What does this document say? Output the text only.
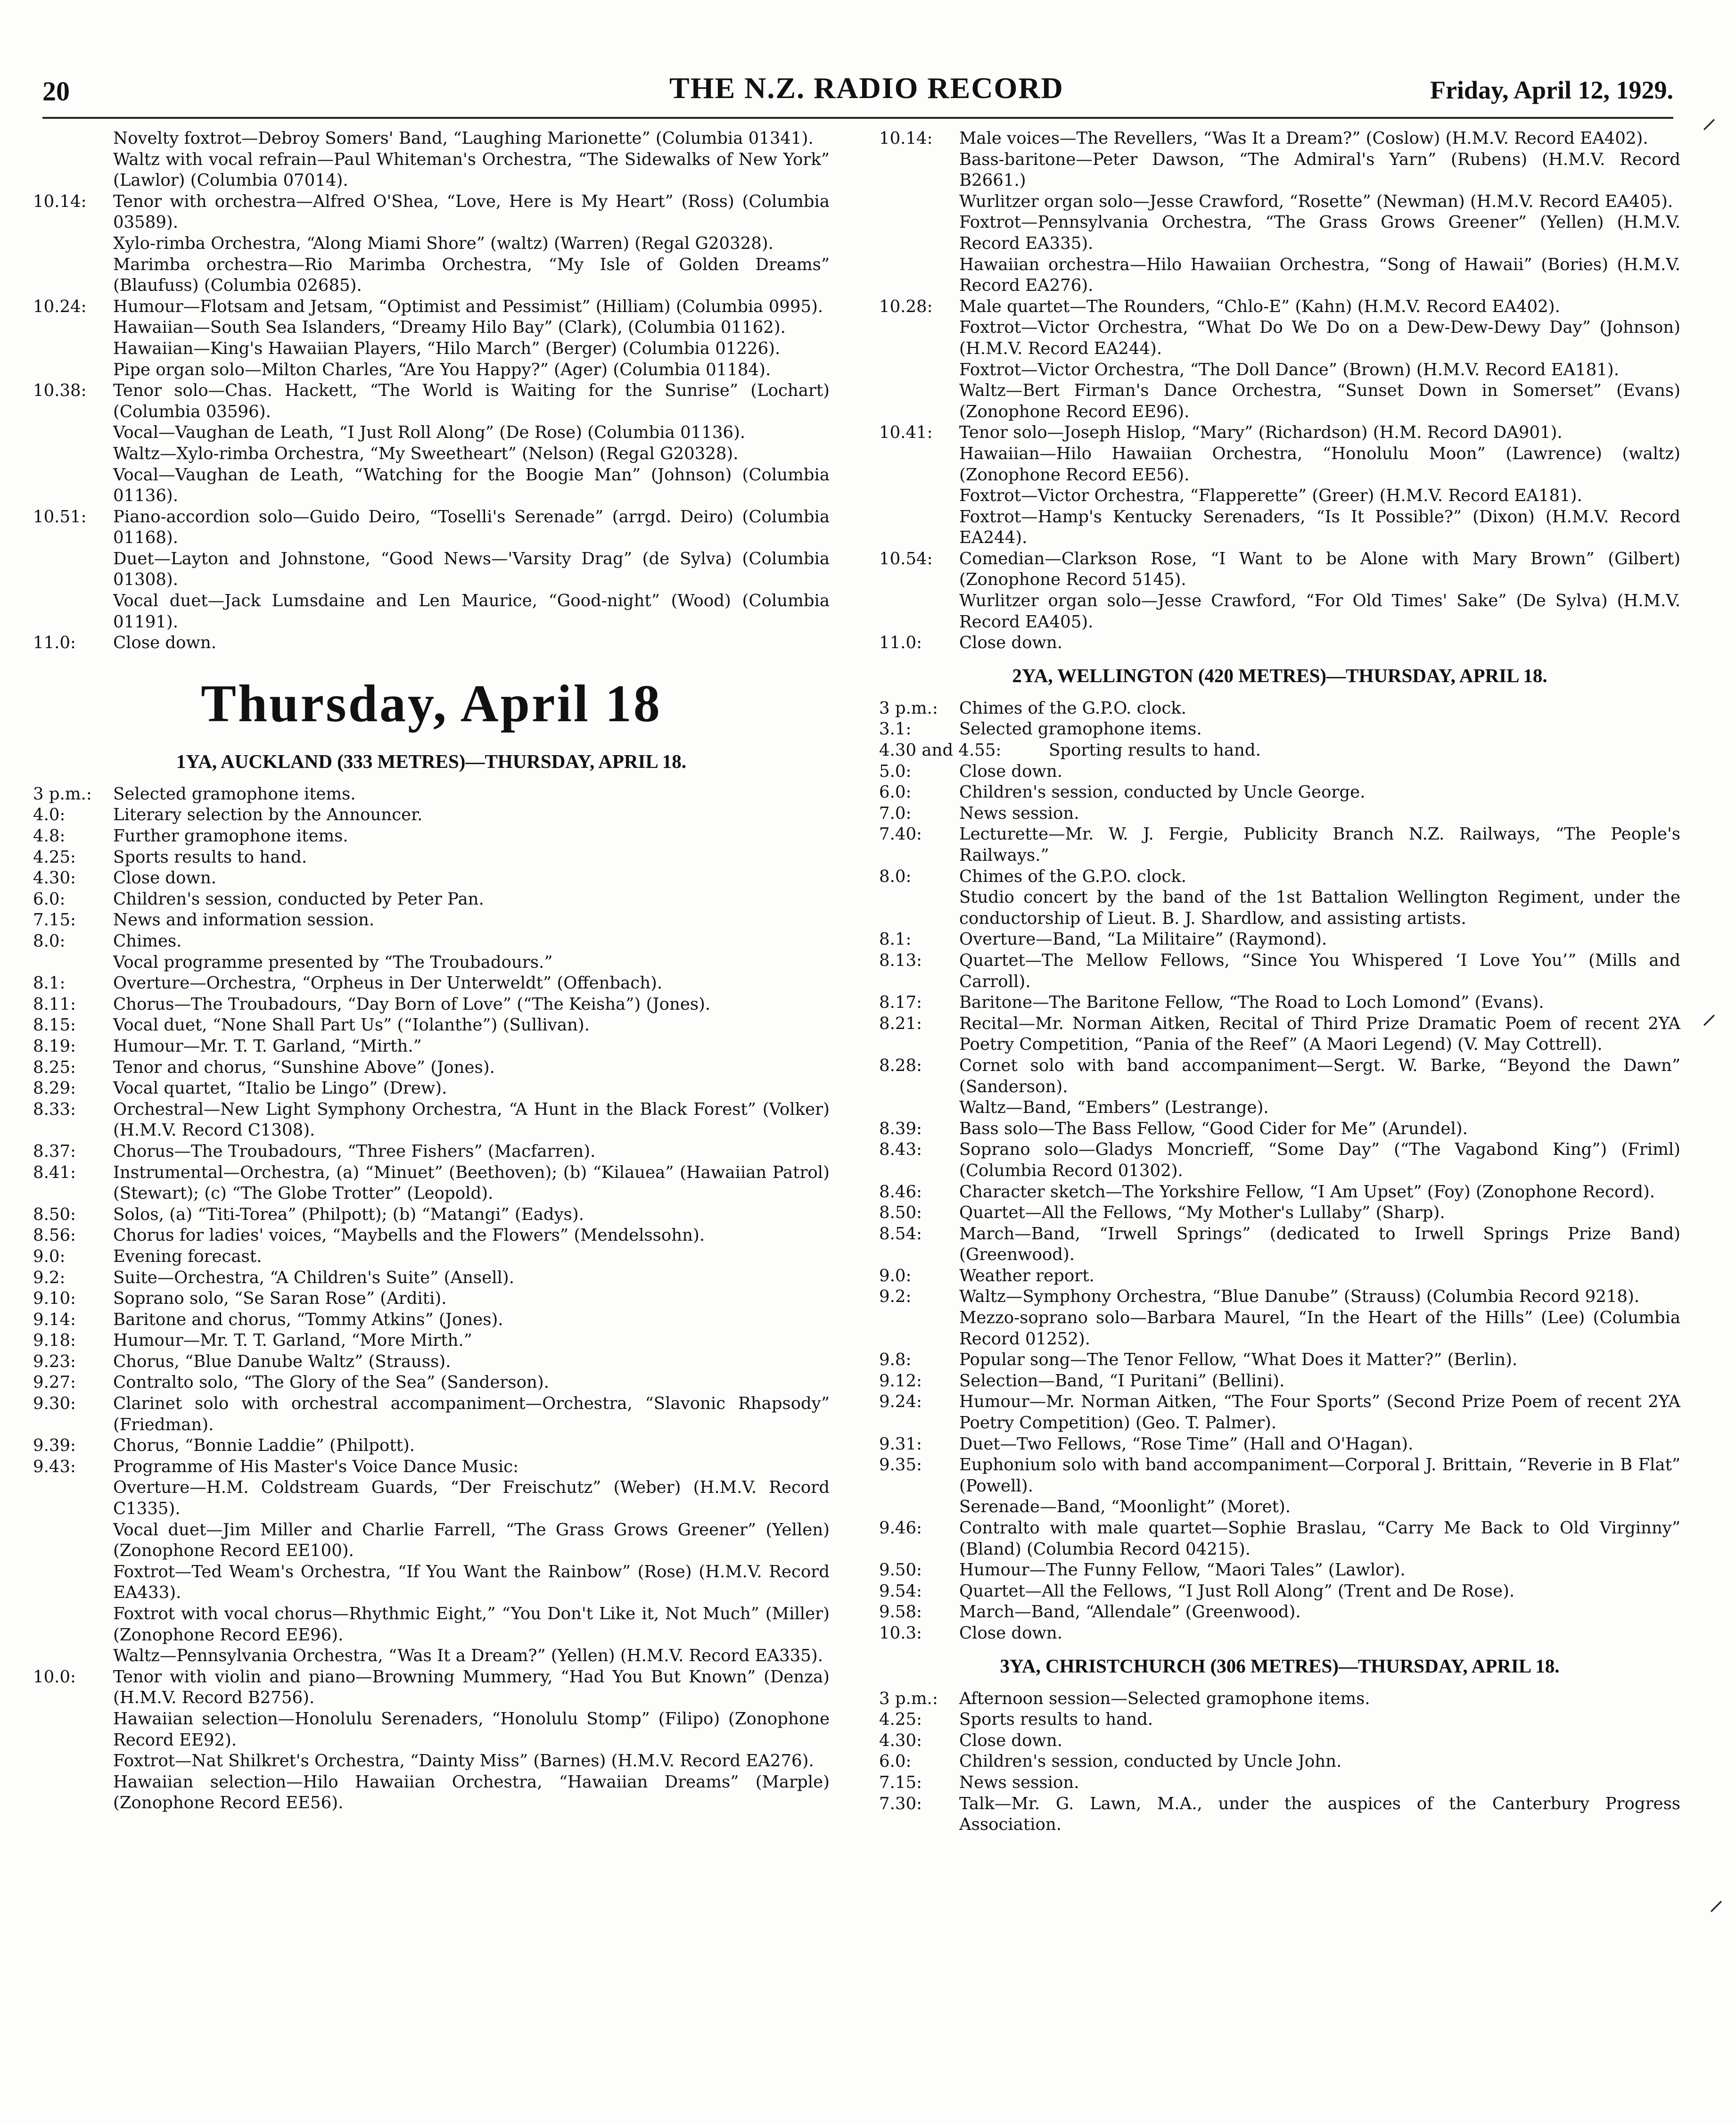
20	THE N.Z. RADIO RECORD	Friday, April 12, 1929.
Novelty foxtrot—Debroy Somers' Band, “Laughing Marionette” (Columbia 01341).
Waltz with vocal refrain—Paul Whiteman's Orchestra, “The Sidewalks of New York” (Lawlor) (Columbia 07014).
10.14:	Tenor with orchestra—Alfred O'Shea, “Love, Here is My Heart” (Ross) (Columbia 03589).
Xylo-rimba Orchestra, “Along Miami Shore” (waltz) (Warren) (Regal G20328).
Marimba orchestra—Rio Marimba Orchestra, “My Isle of Golden Dreams” (Blaufuss) (Columbia 02685).
10.24:	Humour—Flotsam and Jetsam, “Optimist and Pessimist” (Hilliam) (Columbia 0995).
Hawaiian—South Sea Islanders, “Dreamy Hilo Bay” (Clark), (Columbia 01162).
Hawaiian—King's Hawaiian Players, “Hilo March” (Berger) (Columbia 01226).
Pipe organ solo—Milton Charles, “Are You Happy?” (Ager) (Columbia 01184).
10.38:	Tenor solo—Chas. Hackett, “The World is Waiting for the Sunrise” (Lochart) (Columbia 03596).
Vocal—Vaughan de Leath, “I Just Roll Along” (De Rose) (Columbia 01136).
Waltz—Xylo-rimba Orchestra, “My Sweetheart” (Nelson) (Regal G20328).
Vocal—Vaughan de Leath, “Watching for the Boogie Man” (Johnson) (Columbia 01136).
10.51:	Piano-accordion solo—Guido Deiro, “Toselli's Serenade” (arrgd. Deiro) (Columbia 01168).
Duet—Layton and Johnstone, “Good News—'Varsity Drag” (de Sylva) (Columbia 01308).
Vocal duet—Jack Lumsdaine and Len Maurice, “Good-night” (Wood) (Columbia 01191).
11.0:	Close down.
Thursday, April 18
1YA, AUCKLAND (333 METRES)—THURSDAY, APRIL 18.
3 p.m.:	Selected gramophone items.
4.0:	Literary selection by the Announcer.
4.8:	Further gramophone items.
4.25:	Sports results to hand.
4.30:	Close down.
6.0:	Children's session, conducted by Peter Pan.
7.15:	News and information session.
8.0:	Chimes.
Vocal programme presented by “The Troubadours.”
8.1:	Overture—Orchestra, “Orpheus in Der Unterweldt” (Offenbach).
8.11:	Chorus—The Troubadours, “Day Born of Love” (“The Keisha”) (Jones).
8.15:	Vocal duet, “None Shall Part Us” (“Iolanthe”) (Sullivan).
8.19:	Humour—Mr. T. T. Garland, “Mirth.”
8.25:	Tenor and chorus, “Sunshine Above” (Jones).
8.29:	Vocal quartet, “Italio be Lingo” (Drew).
8.33:	Orchestral—New Light Symphony Orchestra, “A Hunt in the Black Forest” (Volker) (H.M.V. Record C1308).
8.37:	Chorus—The Troubadours, “Three Fishers” (Macfarren).
8.41:	Instrumental—Orchestra, (a) “Minuet” (Beethoven); (b) “Kilauea” (Hawaiian Patrol) (Stewart); (c) “The Globe Trotter” (Leopold).
8.50:	Solos, (a) “Titi-Torea” (Philpott); (b) “Matangi” (Eadys).
8.56:	Chorus for ladies' voices, “Maybells and the Flowers” (Mendelssohn).
9.0:	Evening forecast.
9.2:	Suite—Orchestra, “A Children's Suite” (Ansell).
9.10:	Soprano solo, “Se Saran Rose” (Arditi).
9.14:	Baritone and chorus, “Tommy Atkins” (Jones).
9.18:	Humour—Mr. T. T. Garland, “More Mirth.”
9.23:	Chorus, “Blue Danube Waltz” (Strauss).
9.27:	Contralto solo, “The Glory of the Sea” (Sanderson).
9.30:	Clarinet solo with orchestral accompaniment—Orchestra, “Slavonic Rhapsody” (Friedman).
9.39:	Chorus, “Bonnie Laddie” (Philpott).
9.43:	Programme of His Master's Voice Dance Music:
Overture—H.M. Coldstream Guards, “Der Freischutz” (Weber) (H.M.V. Record C1335).
Vocal duet—Jim Miller and Charlie Farrell, “The Grass Grows Greener” (Yellen) (Zonophone Record EE100).
Foxtrot—Ted Weam's Orchestra, “If You Want the Rainbow” (Rose) (H.M.V. Record EA433).
Foxtrot with vocal chorus—Rhythmic Eight,” “You Don't Like it, Not Much” (Miller) (Zonophone Record EE96).
Waltz—Pennsylvania Orchestra, “Was It a Dream?” (Yellen) (H.M.V. Record EA335).
10.0:	Tenor with violin and piano—Browning Mummery, “Had You But Known” (Denza) (H.M.V. Record B2756).
Hawaiian selection—Honolulu Serenaders, “Honolulu Stomp” (Filipo) (Zonophone Record EE92).
Foxtrot—Nat Shilkret's Orchestra, “Dainty Miss” (Barnes) (H.M.V. Record EA276).
Hawaiian selection—Hilo Hawaiian Orchestra, “Hawaiian Dreams” (Marple) (Zonophone Record EE56).
10.14:	Male voices—The Revellers, “Was It a Dream?” (Coslow) (H.M.V. Record EA402).
Bass-baritone—Peter Dawson, “The Admiral's Yarn” (Rubens) (H.M.V. Record B2661.)
Wurlitzer organ solo—Jesse Crawford, “Rosette” (Newman) (H.M.V. Record EA405).
Foxtrot—Pennsylvania Orchestra, “The Grass Grows Greener” (Yellen) (H.M.V. Record EA335).
Hawaiian orchestra—Hilo Hawaiian Orchestra, “Song of Hawaii” (Bories) (H.M.V. Record EA276).
10.28:	Male quartet—The Rounders, “Chlo-E” (Kahn) (H.M.V. Record EA402).
Foxtrot—Victor Orchestra, “What Do We Do on a Dew-Dew-Dewy Day” (Johnson) (H.M.V. Record EA244).
Foxtrot—Victor Orchestra, “The Doll Dance” (Brown) (H.M.V. Record EA181).
Waltz—Bert Firman's Dance Orchestra, “Sunset Down in Somerset” (Evans) (Zonophone Record EE96).
10.41:	Tenor solo—Joseph Hislop, “Mary” (Richardson) (H.M. Record DA901).
Hawaiian—Hilo Hawaiian Orchestra, “Honolulu Moon” (Lawrence) (waltz) (Zonophone Record EE56).
Foxtrot—Victor Orchestra, “Flapperette” (Greer) (H.M.V. Record EA181).
Foxtrot—Hamp's Kentucky Serenaders, “Is It Possible?” (Dixon) (H.M.V. Record EA244).
10.54:	Comedian—Clarkson Rose, “I Want to be Alone with Mary Brown” (Gilbert) (Zonophone Record 5145).
Wurlitzer organ solo—Jesse Crawford, “For Old Times' Sake” (De Sylva) (H.M.V. Record EA405).
11.0:	Close down.
2YA, WELLINGTON (420 METRES)—THURSDAY, APRIL 18.
3 p.m.:	Chimes of the G.P.O. clock.
3.1:	Selected gramophone items.
4.30 and 4.55:	Sporting results to hand.
5.0:	Close down.
6.0:	Children's session, conducted by Uncle George.
7.0:	News session.
7.40:	Lecturette—Mr. W. J. Fergie, Publicity Branch N.Z. Railways, “The People's Railways.”
8.0:	Chimes of the G.P.O. clock.
Studio concert by the band of the 1st Battalion Wellington Regiment, under the conductorship of Lieut. B. J. Shardlow, and assisting artists.
8.1:	Overture—Band, “La Militaire” (Raymond).
8.13:	Quartet—The Mellow Fellows, “Since You Whispered ‘I Love You’” (Mills and Carroll).
8.17:	Baritone—The Baritone Fellow, “The Road to Loch Lomond” (Evans).
8.21:	Recital—Mr. Norman Aitken, Recital of Third Prize Dramatic Poem of recent 2YA Poetry Competition, “Pania of the Reef” (A Maori Legend) (V. May Cottrell).
8.28:	Cornet solo with band accompaniment—Sergt. W. Barke, “Beyond the Dawn” (Sanderson).
Waltz—Band, “Embers” (Lestrange).
8.39:	Bass solo—The Bass Fellow, “Good Cider for Me” (Arundel).
8.43:	Soprano solo—Gladys Moncrieff, “Some Day” (“The Vagabond King”) (Friml) (Columbia Record 01302).
8.46:	Character sketch—The Yorkshire Fellow, “I Am Upset” (Foy) (Zonophone Record).
8.50:	Quartet—All the Fellows, “My Mother's Lullaby” (Sharp).
8.54:	March—Band, “Irwell Springs” (dedicated to Irwell Springs Prize Band) (Greenwood).
9.0:	Weather report.
9.2:	Waltz—Symphony Orchestra, “Blue Danube” (Strauss) (Columbia Record 9218).
Mezzo-soprano solo—Barbara Maurel, “In the Heart of the Hills” (Lee) (Columbia Record 01252).
9.8:	Popular song—The Tenor Fellow, “What Does it Matter?” (Berlin).
9.12:	Selection—Band, “I Puritani” (Bellini).
9.24:	Humour—Mr. Norman Aitken, “The Four Sports” (Second Prize Poem of recent 2YA Poetry Competition) (Geo. T. Palmer).
9.31:	Duet—Two Fellows, “Rose Time” (Hall and O'Hagan).
9.35:	Euphonium solo with band accompaniment—Corporal J. Brittain, “Reverie in B Flat” (Powell).
Serenade—Band, “Moonlight” (Moret).
9.46:	Contralto with male quartet—Sophie Braslau, “Carry Me Back to Old Virginny” (Bland) (Columbia Record 04215).
9.50:	Humour—The Funny Fellow, “Maori Tales” (Lawlor).
9.54:	Quartet—All the Fellows, “I Just Roll Along” (Trent and De Rose).
9.58:	March—Band, “Allendale” (Greenwood).
10.3:	Close down.
3YA, CHRISTCHURCH (306 METRES)—THURSDAY, APRIL 18.
3 p.m.:	Afternoon session—Selected gramophone items.
4.25:	Sports results to hand.
4.30:	Close down.
6.0:	Children's session, conducted by Uncle John.
7.15:	News session.
7.30:	Talk—Mr. G. Lawn, M.A., under the auspices of the Canterbury Progress Association.
⸍
⸍
⸍
